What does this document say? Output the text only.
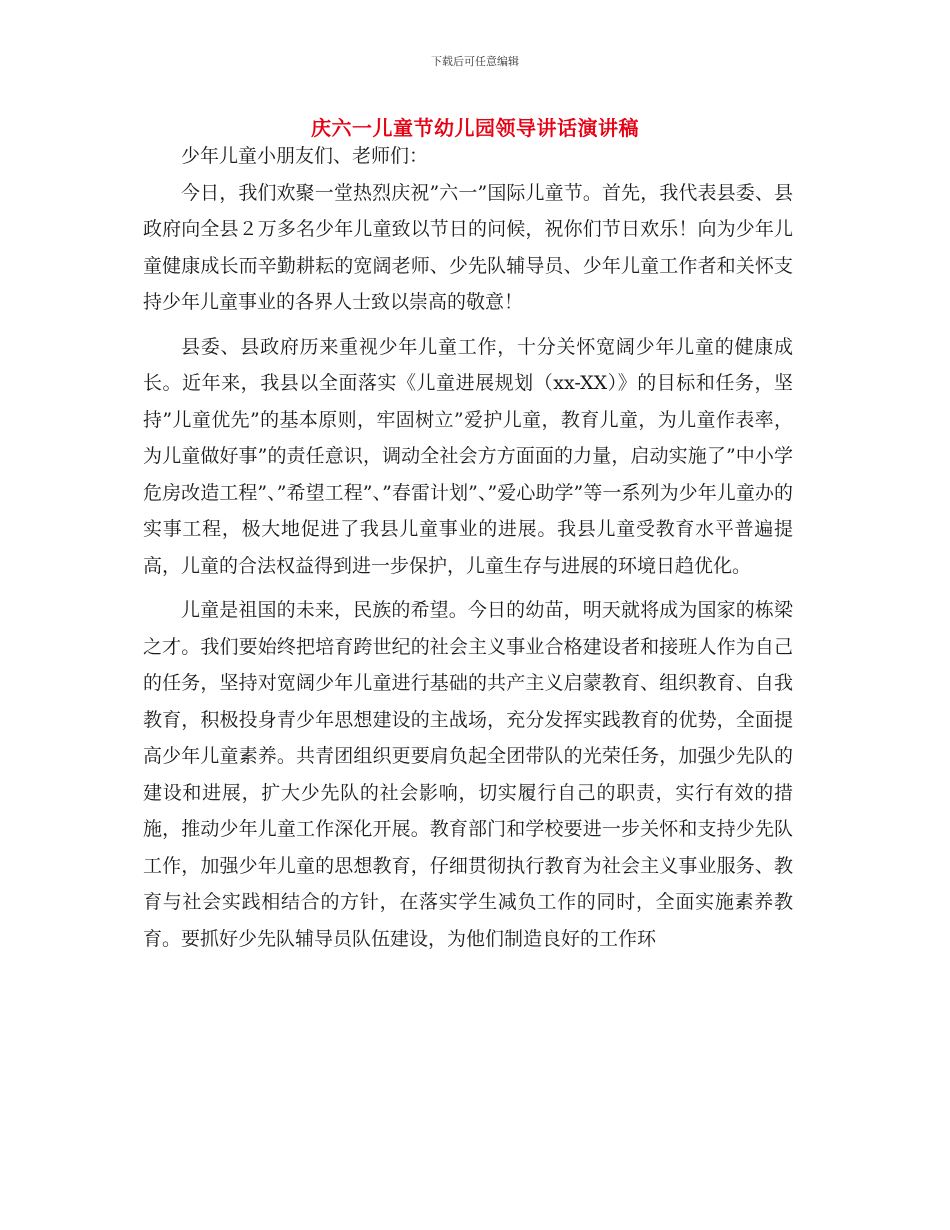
下载后可任意编辑
庆六一儿童节幼儿园领导讲话演讲稿

少年儿童小朋友们、老师们：

今日，我们欢聚一堂热烈庆祝”六一”国际儿童节。首先，我代表县委、县政府向全县２万多名少年儿童致以节日的问候，祝你们节日欢乐！向为少年儿童健康成长而辛勤耕耘的宽阔老师、少先队辅导员、少年儿童工作者和关怀支持少年儿童事业的各界人士致以崇高的敬意！

县委、县政府历来重视少年儿童工作，十分关怀宽阔少年儿童的健康成长。近年来，我县以全面落实《儿童进展规划（xx-XX）》的目标和任务，坚持”儿童优先”的基本原则，牢固树立”爱护儿童，教育儿童，为儿童作表率，为儿童做好事”的责任意识，调动全社会方方面面的力量，启动实施了”中小学危房改造工程”、”希望工程”、”春雷计划”、”爱心助学”等一系列为少年儿童办的实事工程，极大地促进了我县儿童事业的进展。我县儿童受教育水平普遍提高，儿童的合法权益得到进一步保护，儿童生存与进展的环境日趋优化。

儿童是祖国的未来，民族的希望。今日的幼苗，明天就将成为国家的栋梁之才。我们要始终把培育跨世纪的社会主义事业合格建设者和接班人作为自己的任务，坚持对宽阔少年儿童进行基础的共产主义启蒙教育、组织教育、自我教育，积极投身青少年思想建设的主战场，充分发挥实践教育的优势，全面提高少年儿童素养。共青团组织更要肩负起全团带队的光荣任务，加强少先队的建设和进展，扩大少先队的社会影响，切实履行自己的职责，实行有效的措施，推动少年儿童工作深化开展。教育部门和学校要进一步关怀和支持少先队工作，加强少年儿童的思想教育，仔细贯彻执行教育为社会主义事业服务、教育与社会实践相结合的方针，在落实学生减负工作的同时，全面实施素养教育。要抓好少先队辅导员队伍建设，为他们制造良好的工作环
